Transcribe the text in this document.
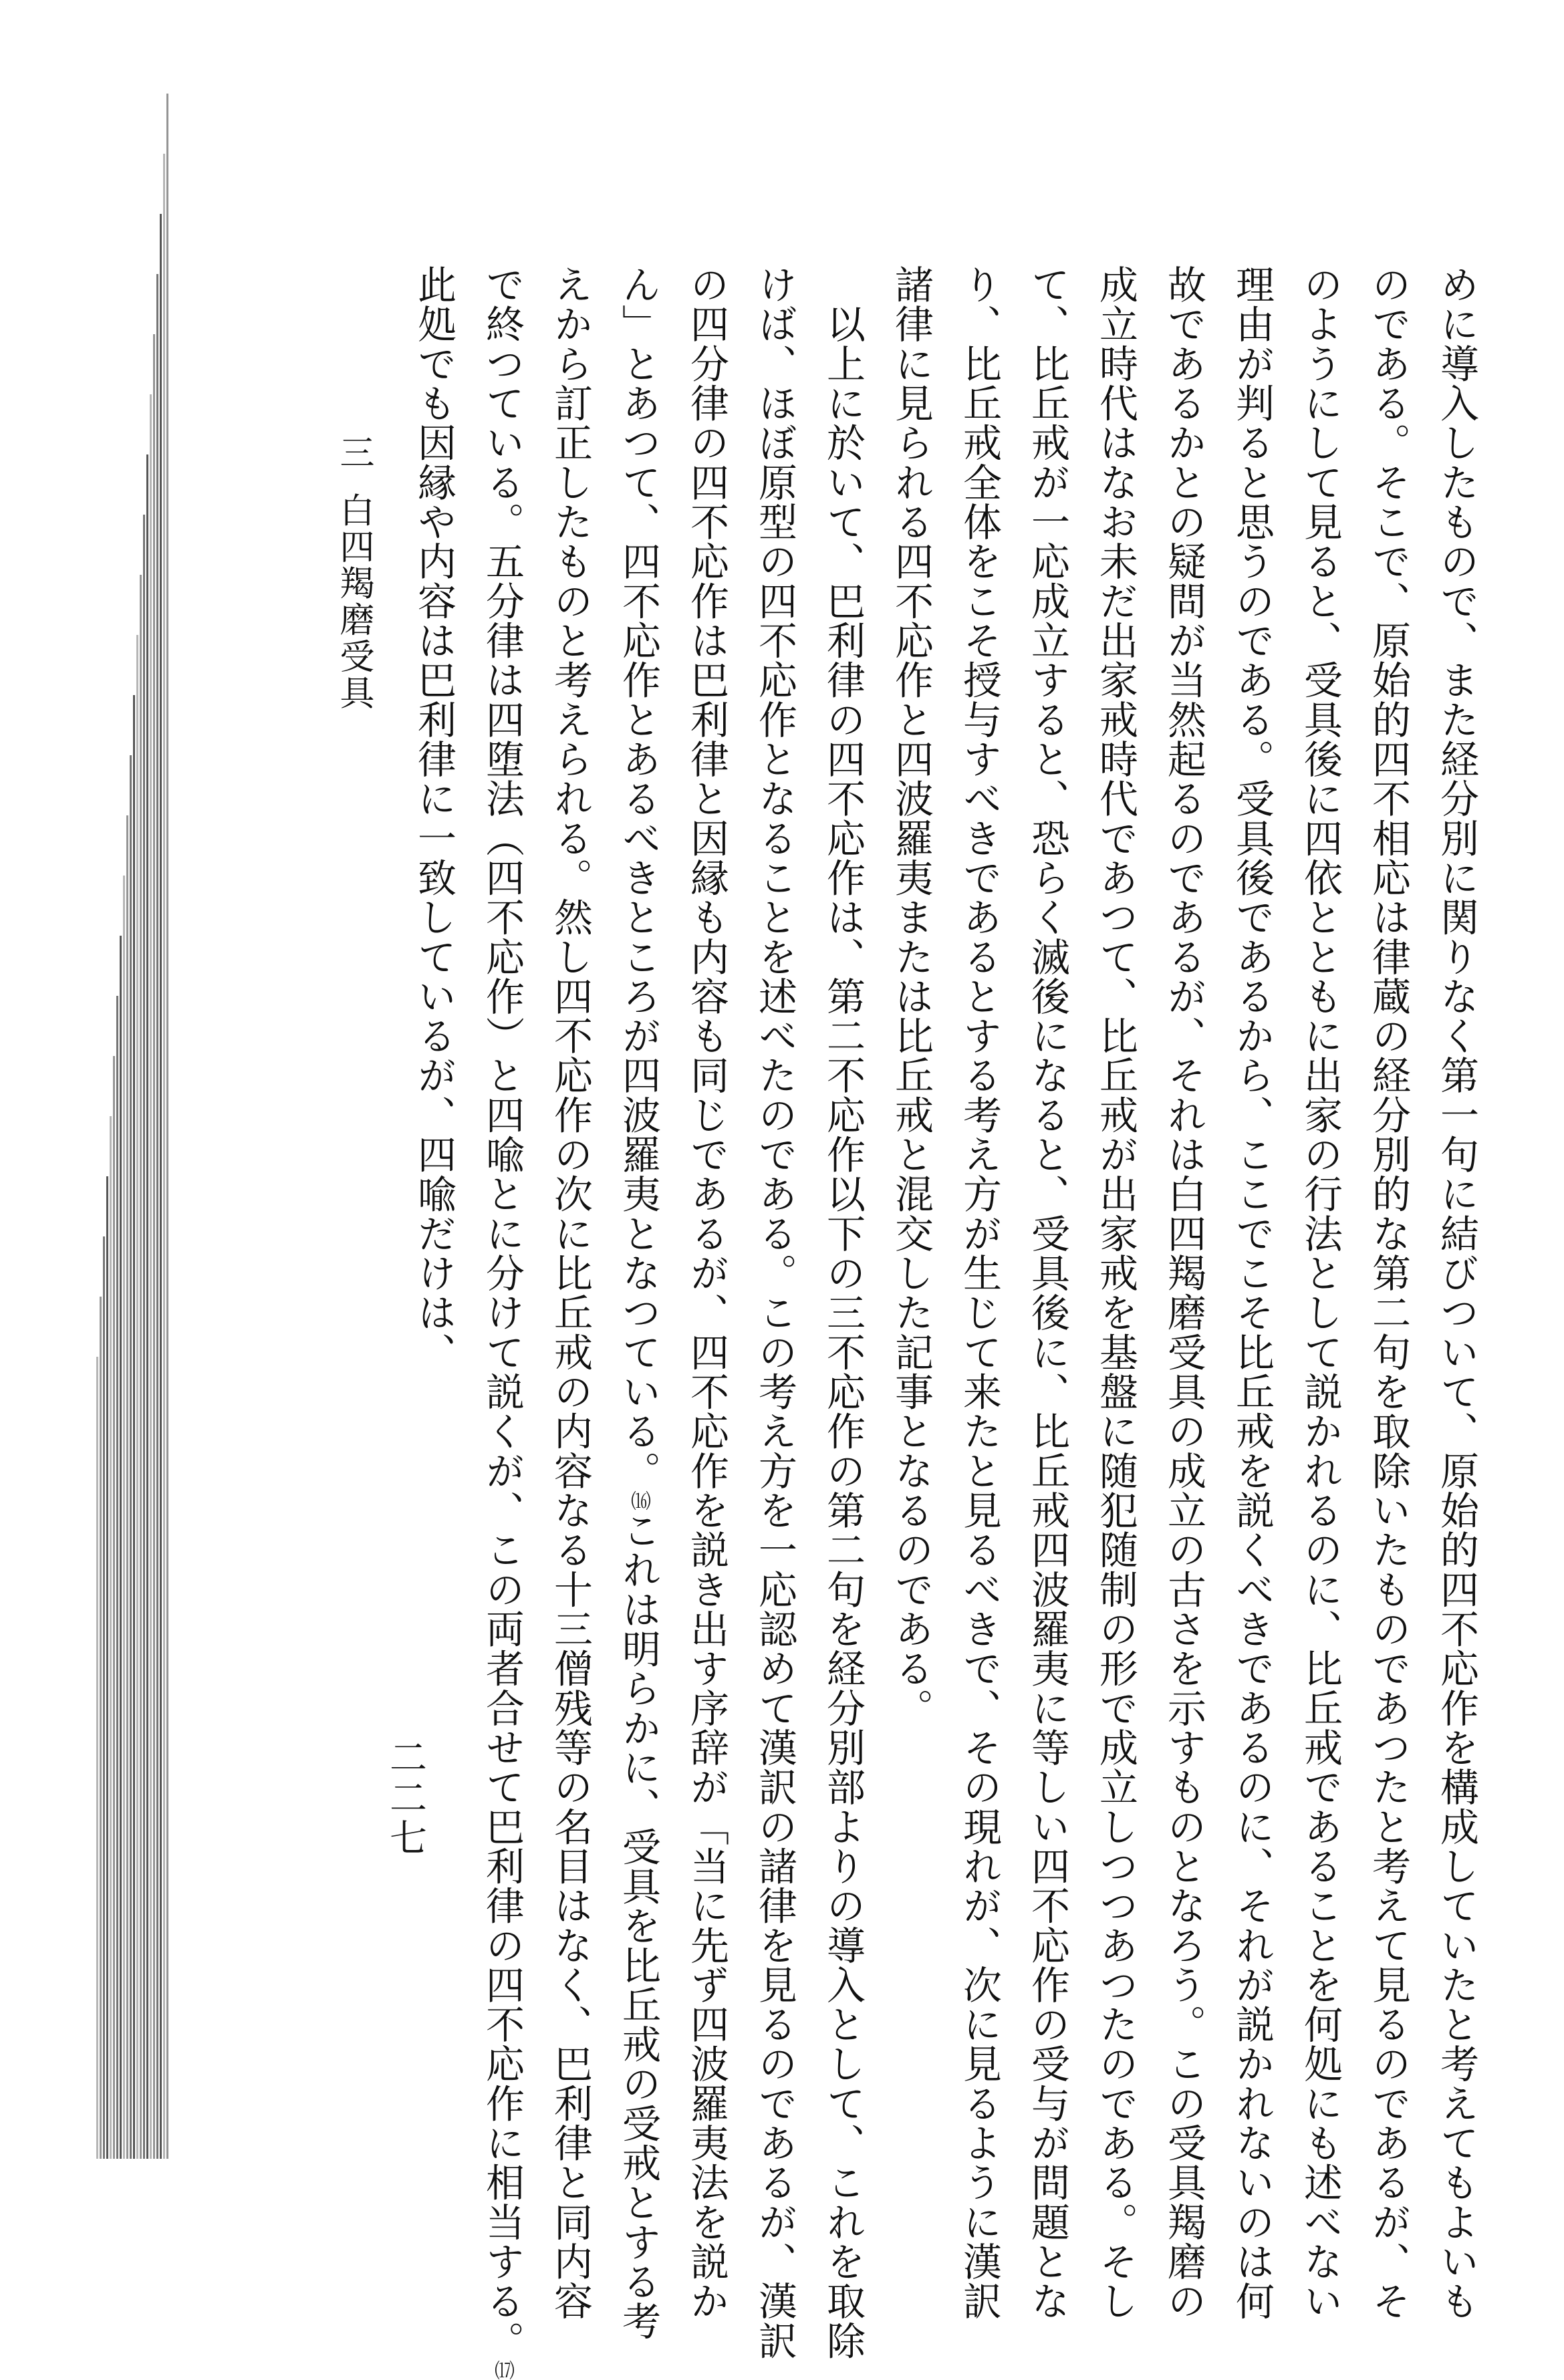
めに導入したもので、また経分別に関りなく第一句に結びついて、原始的四不応作を構成していたと考えてもよいも
のである。そこで、原始的四不相応は律蔵の経分別的な第二句を取除いたものであつたと考えて見るのであるが、そ
のようにして見ると、受具後に四依とともに出家の行法として説かれるのに、比丘戒であることを何処にも述べない
理由が判ると思うのである。受具後であるから、ここでこそ比丘戒を説くべきであるのに、それが説かれないのは何
故であるかとの疑問が当然起るのであるが、それは白四羯磨受具の成立の古さを示すものとなろう。この受具羯磨の
成立時代はなお未だ出家戒時代であつて、比丘戒が出家戒を基盤に随犯随制の形で成立しつつあつたのである。そし
て、比丘戒が一応成立すると、恐らく滅後になると、受具後に、比丘戒四波羅夷に等しい四不応作の受与が問題とな
り、比丘戒全体をこそ授与すべきであるとする考え方が生じて来たと見るべきで、その現れが、次に見るように漢訳
諸律に見られる四不応作と四波羅夷または比丘戒と混交した記事となるのである。
　以上に於いて、巴利律の四不応作は、第二不応作以下の三不応作の第二句を経分別部よりの導入として、これを取除
けば、ほぼ原型の四不応作となることを述べたのである。この考え方を一応認めて漢訳の諸律を見るのであるが、漢訳
の四分律の四不応作は巴利律と因縁も内容も同じであるが、四不応作を説き出す序辞が「当に先ず四波羅夷法を説か
ん」とあつて、四不応作とあるべきところが四波羅夷となつている。⒃これは明らかに、受具を比丘戒の受戒とする考
えから訂正したものと考えられる。然し四不応作の次に比丘戒の内容なる十三僧残等の名目はなく、巴利律と同内容
で終つている。五分律は四堕法（四不応作）と四喩とに分けて説くが、この両者合せて巴利律の四不応作に相当する。⒄
此処でも因縁や内容は巴利律に一致しているが、四喩だけは、
二二七
三白四羯磨受具
